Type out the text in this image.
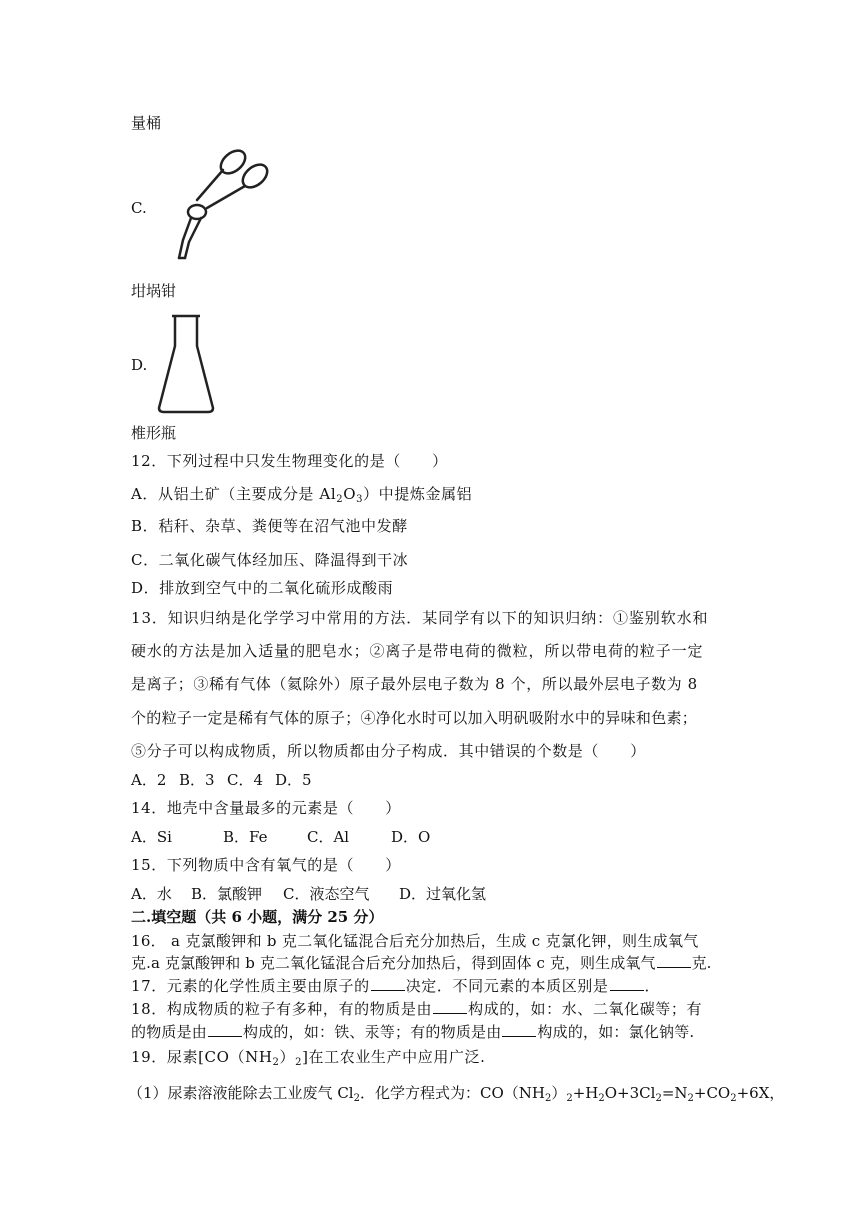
量桶
C.
坩埚钳
D.
椎形瓶
12．下列过程中只发生物理变化的是（　　）
A．从铝土矿（主要成分是 $Al_2O_3$）中提炼金属铝
B．秸秆、杂草、粪便等在沼气池中发酵
C．二氧化碳气体经加压、降温得到干冰
D．排放到空气中的二氧化硫形成酸雨
13．知识归纳是化学学习中常用的方法．某同学有以下的知识归纳：①鉴别软水和
硬水的方法是加入适量的肥皂水；②离子是带电荷的微粒，所以带电荷的粒子一定
是离子；③稀有气体（氦除外）原子最外层电子数为 8 个，所以最外层电子数为 8
个的粒子一定是稀有气体的原子；④净化水时可以加入明矾吸附水中的异味和色素；
⑤分子可以构成物质，所以物质都由分子构成．其中错误的个数是（　　）
A．2 B．3 C．4 D．5
14．地壳中含量最多的元素是（　　）
A．Si	B．Fe	C．Al	D．O
15．下列物质中含有氧气的是（　　）
A．水 B．氯酸钾 C．液态空气 D．过氧化氢
二.填空题（共 6 小题，满分 25 分）
16． a 克氯酸钾和 b 克二氧化锰混合后充分加热后，生成 c 克氯化钾，则生成氧气
克.a 克氯酸钾和 b 克二氧化锰混合后充分加热后，得到固体 c 克，则生成氧气 克.
17．元素的化学性质主要由原子的 决定．不同元素的本质区别是 ．
18．构成物质的粒子有多种，有的物质是由 构成的，如：水、二氧化碳等；有
的物质是由 构成的，如：铁、汞等；有的物质是由 构成的，如：氯化钠等.
19．尿素$[CO(NH_2)_2]$在工农业生产中应用广泛.
（1）尿素溶液能除去工业废气 $Cl_2$．化学方程式为：$CO(NH_2)_2+H_2O+3Cl_2=N_2+CO_2+6X$，
